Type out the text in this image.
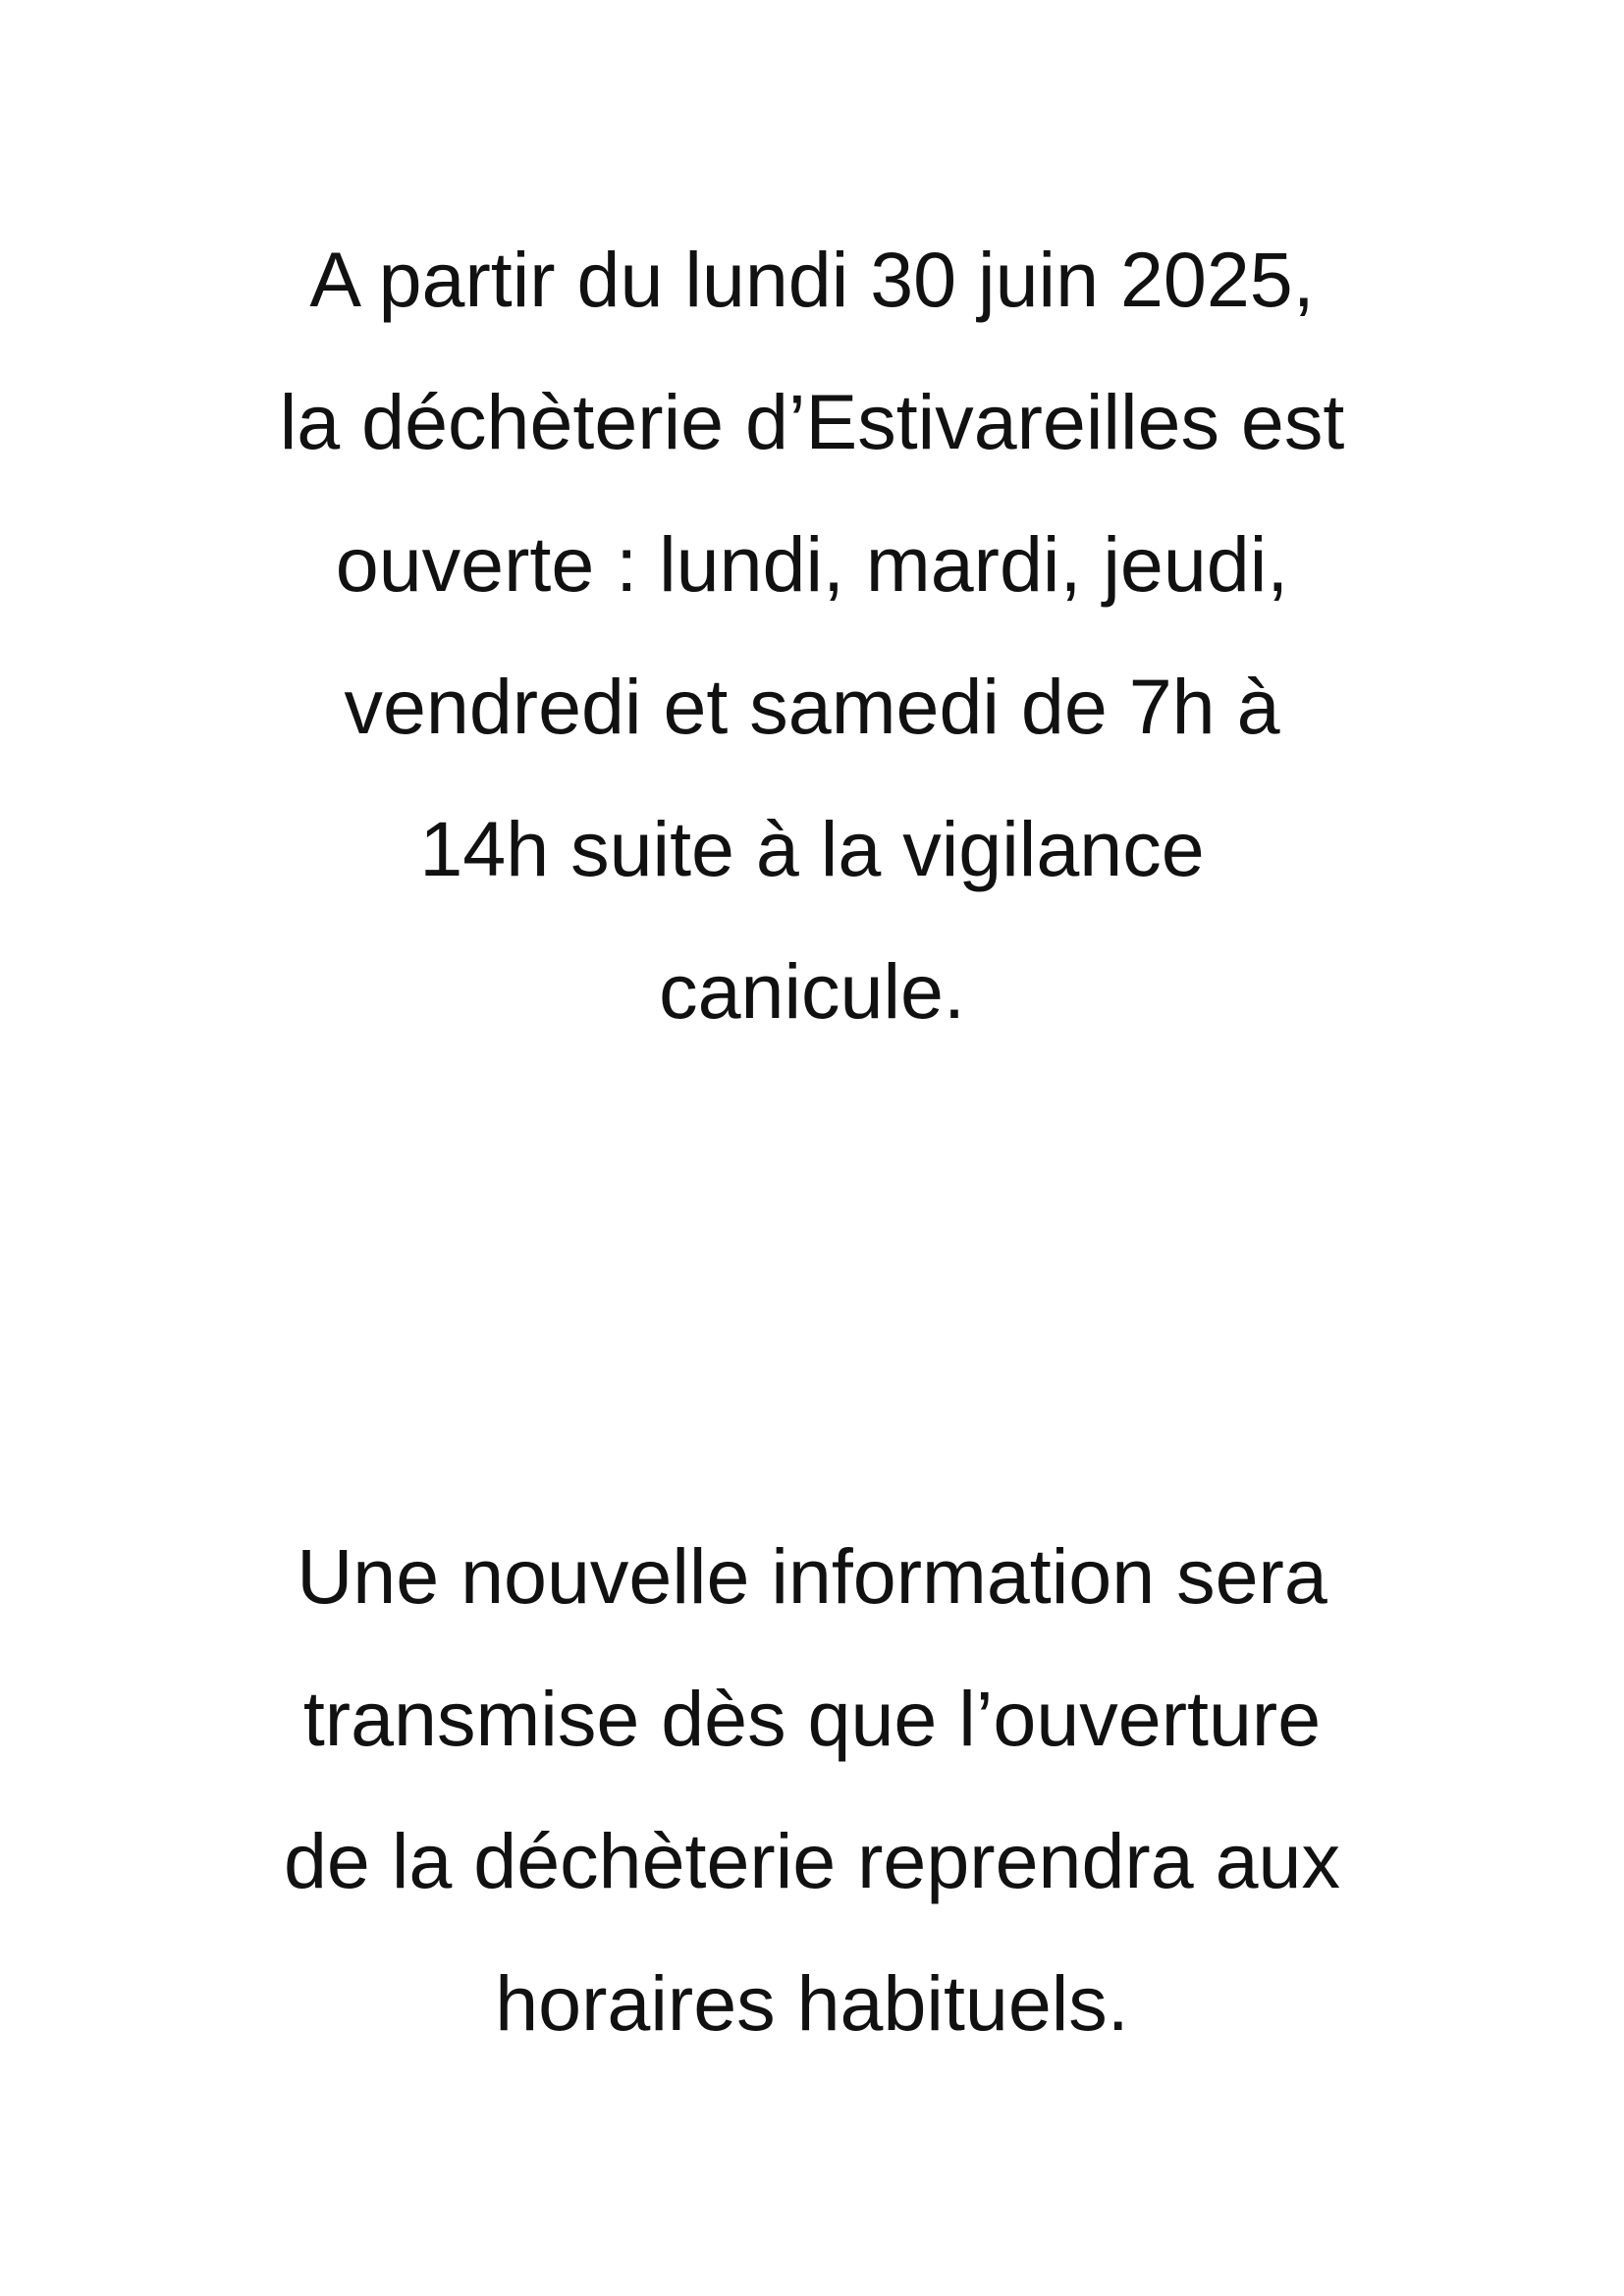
A partir du lundi 30 juin 2025,
la déchèterie d’Estivareilles est
ouverte : lundi, mardi, jeudi,
vendredi et samedi de 7h à
14h suite à la vigilance
canicule.
Une nouvelle information sera
transmise dès que l’ouverture
de la déchèterie reprendra aux
horaires habituels.
